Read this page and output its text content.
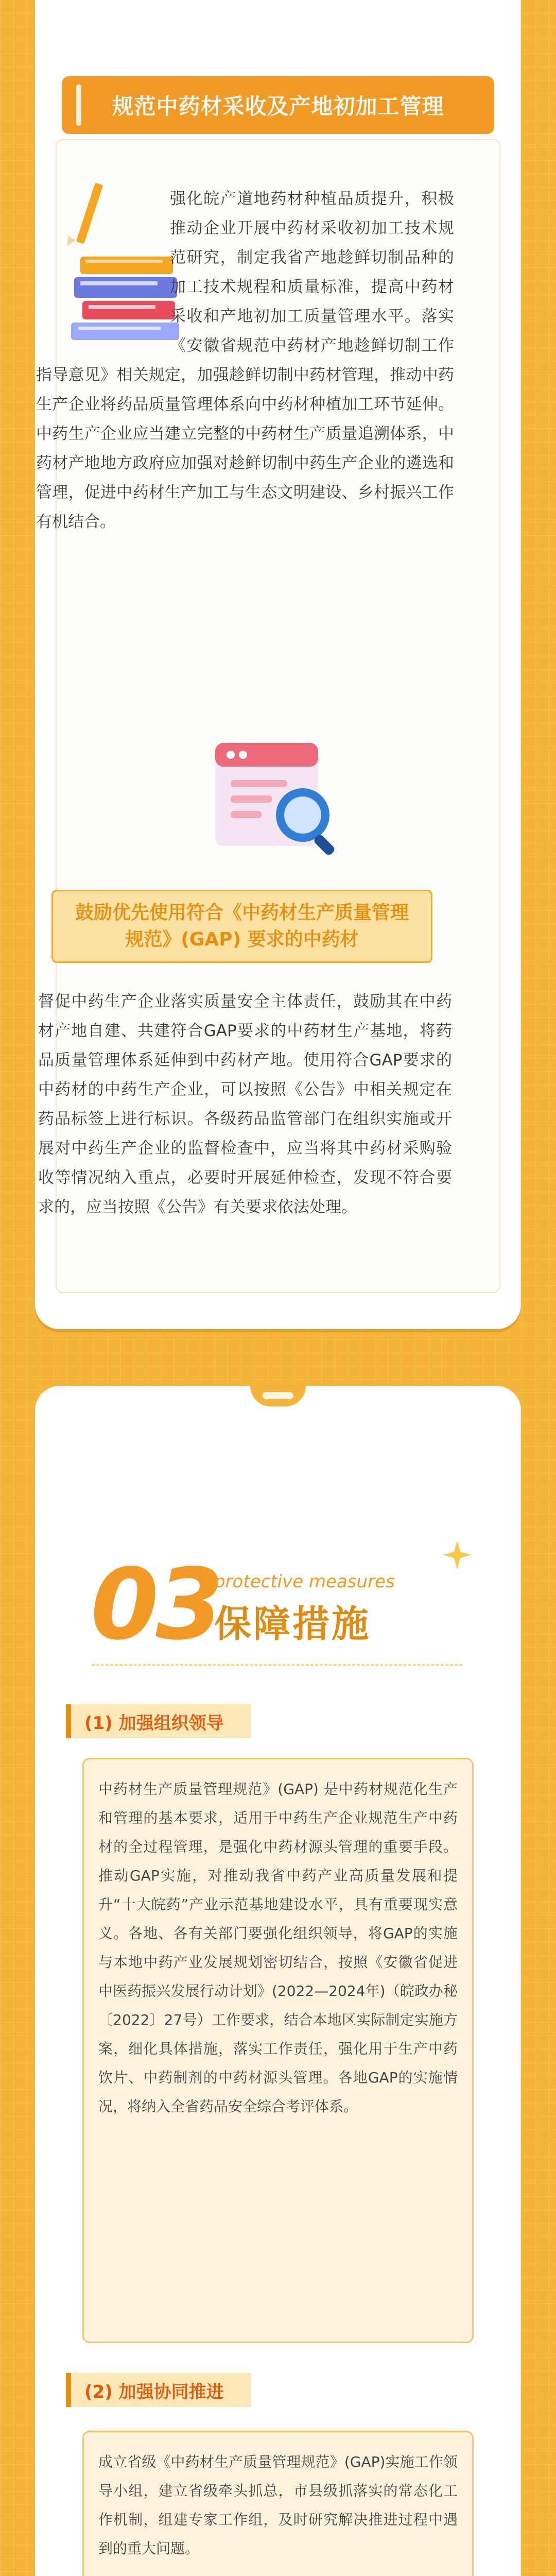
规范中药材采收及产地初加工管理

强化皖产道地药材种植品质提升，积极推动企业开展中药材采收初加工技术规范研究，制定我省产地趁鲜切制品种的加工技术规程和质量标准，提高中药材采收和产地初加工质量管理水平。落实《安徽省规范中药材产地趁鲜切制工作指导意见》相关规定，加强趁鲜切制中药材管理，推动中药生产企业将药品质量管理体系向中药材种植加工环节延伸。中药生产企业应当建立完整的中药材生产质量追溯体系，中药材产地地方政府应加强对趁鲜切制中药生产企业的遴选和管理，促进中药材生产加工与生态文明建设、乡村振兴工作有机结合。

鼓励优先使用符合《中药材生产质量管理规范》(GAP) 要求的中药材

督促中药生产企业落实质量安全主体责任，鼓励其在中药材产地自建、共建符合GAP要求的中药材生产基地，将药品质量管理体系延伸到中药材产地。使用符合GAP要求的中药材的中药生产企业，可以按照《公告》中相关规定在药品标签上进行标识。各级药品监管部门在组织实施或开展对中药生产企业的监督检查中，应当将其中药材采购验收等情况纳入重点，必要时开展延伸检查，发现不符合要求的，应当按照《公告》有关要求依法处理。

03
protective measures
保障措施
(1) 加强组织领导

中药材生产质量管理规范》(GAP) 是中药材规范化生产和管理的基本要求，适用于中药生产企业规范生产中药材的全过程管理，是强化中药材源头管理的重要手段。推动GAP实施，对推动我省中药产业高质量发展和提升“十大皖药”产业示范基地建设水平，具有重要现实意义。各地、各有关部门要强化组织领导，将GAP的实施与本地中药产业发展规划密切结合，按照《安徽省促进中医药振兴发展行动计划》(2022—2024年)（皖政办秘〔2022〕27号）工作要求，结合本地区实际制定实施方案，细化具体措施，落实工作责任，强化用于生产中药饮片、中药制剂的中药材源头管理。各地GAP的实施情况，将纳入全省药品安全综合考评体系。

(2) 加强协同推进

成立省级《中药材生产质量管理规范》(GAP)实施工作领导小组，建立省级牵头抓总，市县级抓落实的常态化工作机制，组建专家工作组，及时研究解决推进过程中遇到的重大问题。
